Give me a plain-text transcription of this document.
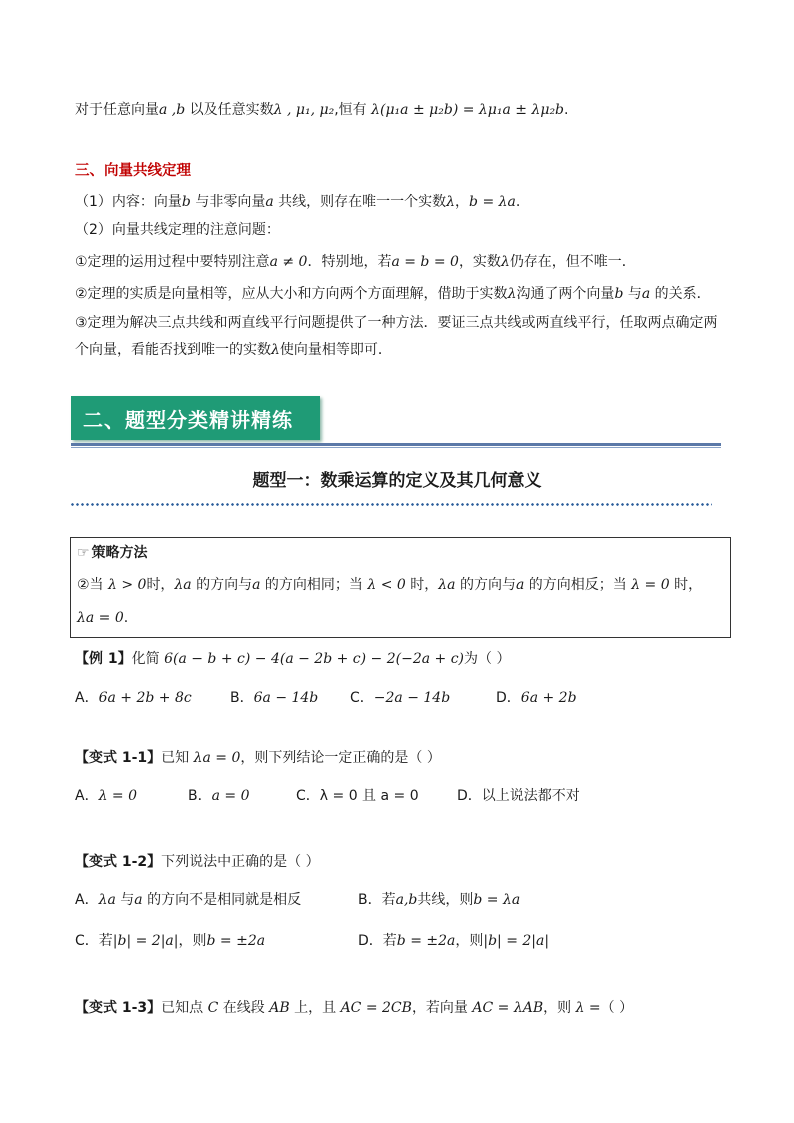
对于任意向量a ,b 以及任意实数λ , μ₁, μ₂,恒有 λ(μ₁a ± μ₂b) = λμ₁a ± λμ₂b.
三、向量共线定理
（1）内容：向量b 与非零向量a 共线，则存在唯一一个实数λ，b = λa.
（2）向量共线定理的注意问题：
①定理的运用过程中要特别注意a ≠ 0．特别地，若a = b = 0，实数λ仍存在，但不唯一．
②定理的实质是向量相等，应从大小和方向两个方面理解，借助于实数λ沟通了两个向量b 与a 的关系．
③定理为解决三点共线和两直线平行问题提供了一种方法．要证三点共线或两直线平行，任取两点确定两
个向量，看能否找到唯一的实数λ使向量相等即可．
二、题型分类精讲精练
题型一：数乘运算的定义及其几何意义
☞ 策略方法
②当 λ > 0时，λa 的方向与a 的方向相同；当 λ < 0 时，λa 的方向与a 的方向相反；当 λ = 0 时，
λa = 0.
【例 1】化简 6(a − b + c) − 4(a − 2b + c) − 2(−2a + c)为（ ）
A．6a + 2b + 8c	B．6a − 14b C．−2a − 14b	D．6a + 2b
【变式 1-1】已知 λa = 0，则下列结论一定正确的是（ ）
A．λ = 0	B．a = 0	C．λ = 0 且 a = 0	D．以上说法都不对
【变式 1-2】下列说法中正确的是（ ）
A．λa 与a 的方向不是相同就是相反	B．若a,b共线，则b = λa
C．若|b| = 2|a|，则b = ±2a	D．若b = ±2a，则|b| = 2|a|
【变式 1-3】已知点 C 在线段 AB 上，且 AC = 2CB，若向量 AC = λAB，则 λ =（ ）
